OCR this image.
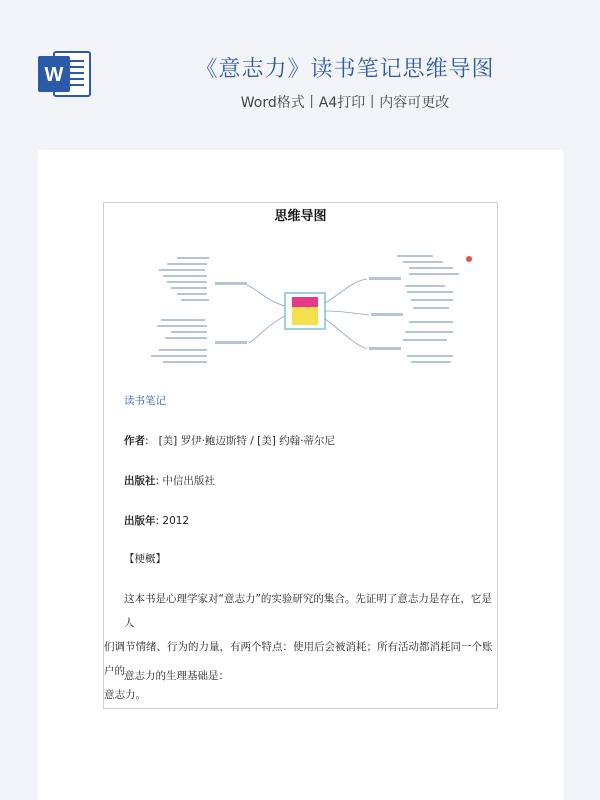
W	《意志力》读书笔记思维导图
Word格式丨A4打印丨内容可更改
思维导图
读书笔记
作者:   [美] 罗伊·鲍迈斯特 / [美] 约翰·蒂尔尼
出版社: 中信出版社
出版年: 2012
【梗概】
这本书是心理学家对“意志力”的实验研究的集合。先证明了意志力是存在，它是人
们调节情绪、行为的力量，有两个特点：使用后会被消耗；所有活动都消耗同一个账户的
意志力。
意志力的生理基础是：
